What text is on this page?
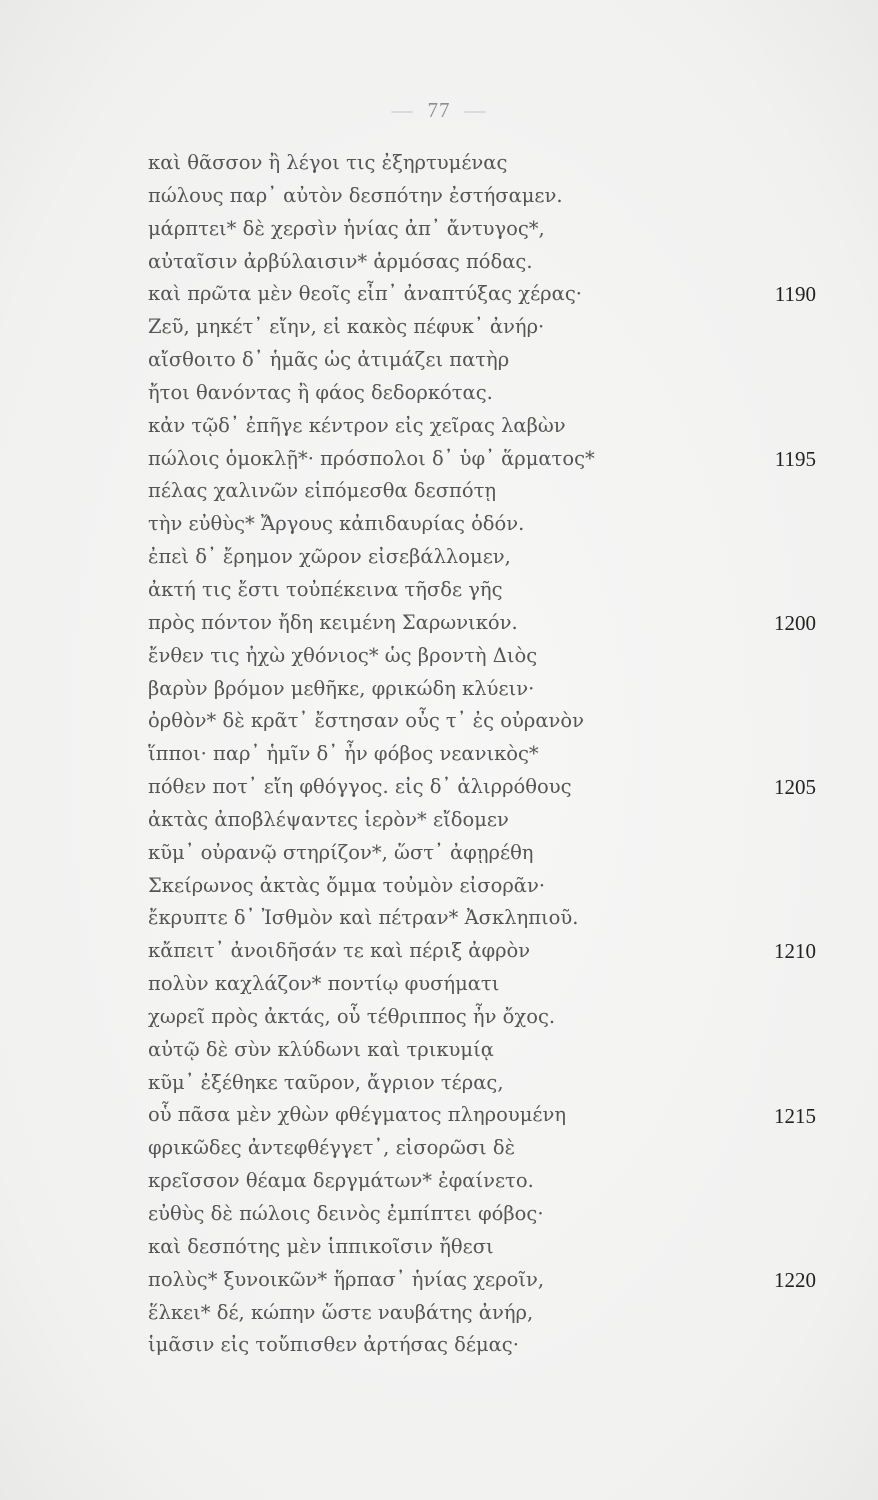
— 77 —
καὶ θᾶσσον ἢ λέγοι τις ἐξηρτυμένας
πώλους παρ᾿ αὐτὸν δεσπότην ἐστήσαμεν.
μάρπτει* δὲ χερσὶν ἡνίας ἀπ᾿ ἄντυγος*,
αὐταῖσιν ἀρβύλαισιν* ἁρμόσας πόδας.
καὶ πρῶτα μὲν θεοῖς εἶπ᾿ ἀναπτύξας χέρας·
Ζεῦ, μηκέτ᾿ εἴην, εἰ κακὸς πέφυκ᾿ ἀνήρ·
αἴσθοιτο δ᾿ ἡμᾶς ὡς ἀτιμάζει πατὴρ
ἤτοι θανόντας ἢ φάος δεδορκότας.
κἀν τῷδ᾿ ἐπῆγε κέντρον εἰς χεῖρας λαβὼν
πώλοις ὁμοκλῇ*· πρόσπολοι δ᾿ ὑφ᾿ ἅρματος*
πέλας χαλινῶν εἱπόμεσθα δεσπότῃ
τὴν εὐθὺς* Ἄργους κἀπιδαυρίας ὁδόν.
ἐπεὶ δ᾿ ἔρημον χῶρον εἰσεβάλλομεν,
ἀκτή τις ἔστι τοὐπέκεινα τῆσδε γῆς
πρὸς πόντον ἤδη κειμένη Σαρωνικόν.
ἔνθεν τις ἠχὼ χθόνιος* ὡς βροντὴ Διὸς
βαρὺν βρόμον μεθῆκε, φρικώδη κλύειν·
ὀρθὸν* δὲ κρᾶτ᾿ ἔστησαν οὖς τ᾿ ἐς οὐρανὸν
ἵπποι· παρ᾿ ἡμῖν δ᾿ ἦν φόβος νεανικὸς*
πόθεν ποτ᾿ εἴη φθόγγος. εἰς δ᾿ ἁλιρρόθους
ἀκτὰς ἀποβλέψαντες ἱερὸν* εἴδομεν
κῦμ᾿ οὐρανῷ στηρίζον*, ὥστ᾿ ἀφῃρέθη
Σκείρωνος ἀκτὰς ὄμμα τοὐμὸν εἰσορᾶν·
ἔκρυπτε δ᾿ Ἰσθμὸν καὶ πέτραν* Ἀσκληπιοῦ.
κἄπειτ᾿ ἀνοιδῆσάν τε καὶ πέριξ ἀφρὸν
πολὺν καχλάζον* ποντίῳ φυσήματι
χωρεῖ πρὸς ἀκτάς, οὗ τέθριππος ἦν ὄχος.
αὐτῷ δὲ σὺν κλύδωνι καὶ τρικυμίᾳ
κῦμ᾿ ἐξέθηκε ταῦρον, ἄγριον τέρας,
οὗ πᾶσα μὲν χθὼν φθέγματος πληρουμένη
φρικῶδες ἀντεφθέγγετ᾿, εἰσορῶσι δὲ
κρεῖσσον θέαμα δεργμάτων* ἐφαίνετο.
εὐθὺς δὲ πώλοις δεινὸς ἐμπίπτει φόβος·
καὶ δεσπότης μὲν ἱππικοῖσιν ἤθεσι
πολὺς* ξυνοικῶν* ἥρπασ᾿ ἡνίας χεροῖν,
ἕλκει* δέ, κώπην ὥστε ναυβάτης ἀνήρ,
ἱμᾶσιν εἰς τοὔπισθεν ἀρτήσας δέμας·
1190
1195
1200
1205
1210
1215
1220
